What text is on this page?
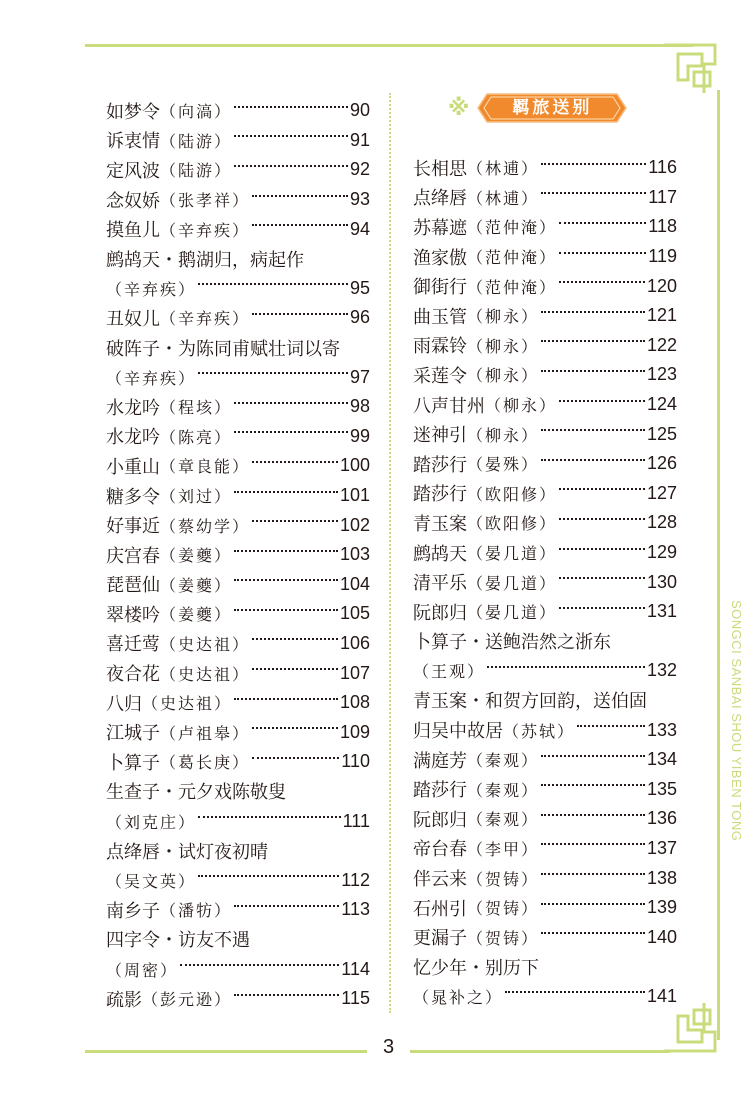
※	羁旅送别
如梦令 （向滈）	90
诉衷情 （陆游）	91
定风波 （陆游）	92
念奴娇 （张孝祥）	93
摸鱼儿 （辛弃疾）	94
鹧鸪天・鹅湖归，病起作
（辛弃疾）	95
丑奴儿 （辛弃疾）	96
破阵子・为陈同甫赋壮词以寄
（辛弃疾）	97
水龙吟 （程垓）	98
水龙吟 （陈亮）	99
小重山 （章良能）	100
糖多令 （刘过）	101
好事近 （蔡幼学）	102
庆宫春 （姜夔）	103
琵琶仙 （姜夔）	104
翠楼吟 （姜夔）	105
喜迁莺 （史达祖）	106
夜合花 （史达祖）	107
八归 （史达祖）	108
江城子 （卢祖皋）	109
卜算子 （葛长庚）	110
生查子・元夕戏陈敬叟
（刘克庄）	111
点绛唇・试灯夜初晴
（吴文英）	112
南乡子 （潘牥）	113
四字令・访友不遇
（周密）	114
疏影 （彭元逊）	115
长相思 （林逋）	116
点绛唇 （林逋）	117
苏幕遮 （范仲淹）	118
渔家傲 （范仲淹）	119
御街行 （范仲淹）	120
曲玉管 （柳永）	121
雨霖铃 （柳永）	122
采莲令 （柳永）	123
八声甘州 （柳永）	124
迷神引 （柳永）	125
踏莎行 （晏殊）	126
踏莎行 （欧阳修）	127
青玉案 （欧阳修）	128
鹧鸪天 （晏几道）	129
清平乐 （晏几道）	130
阮郎归 （晏几道）	131
卜算子・送鲍浩然之浙东
（王观）	132
青玉案・和贺方回韵，送伯固
归吴中故居 （苏轼）	133
满庭芳 （秦观）	134
踏莎行 （秦观）	135
阮郎归 （秦观）	136
帝台春 （李甲）	137
伴云来 （贺铸）	138
石州引 （贺铸）	139
更漏子 （贺铸）	140
忆少年・别历下
（晁补之）	141
SONGCI SANBAI SHOU YIBEN TONG
3
